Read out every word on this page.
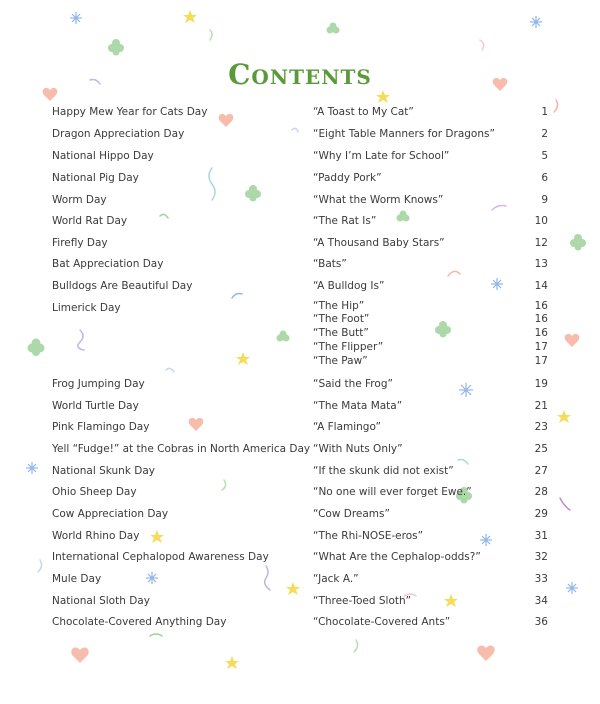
Contents
Happy Mew Year for Cats Day	“A Toast to My Cat”	1
Dragon Appreciation Day	“Eight Table Manners for Dragons”	2
National Hippo Day	“Why I’m Late for School”	5
National Pig Day	“Paddy Pork”	6
Worm Day	“What the Worm Knows”	9
World Rat Day	“The Rat Is”	10
Firefly Day	“A Thousand Baby Stars”	12
Bat Appreciation Day	“Bats”	13
Bulldogs Are Beautiful Day	“A Bulldog Is”	14
Limerick Day	“The Hip”	16
“The Foot”	16
“The Butt”	16
“The Flipper”	17
“The Paw”	17
Frog Jumping Day	“Said the Frog”	19
World Turtle Day	“The Mata Mata”	21
Pink Flamingo Day	“A Flamingo”	23
Yell “Fudge!” at the Cobras in North America Day “With Nuts Only”	25
National Skunk Day	“If the skunk did not exist”	27
Ohio Sheep Day	“No one will ever forget Ewe.”	28
Cow Appreciation Day	“Cow Dreams”	29
World Rhino Day	“The Rhi-NOSE-eros”	31
International Cephalopod Awareness Day	“What Are the Cephalop-odds?”	32
Mule Day	“Jack A.”	33
National Sloth Day	“Three-Toed Sloth”	34
Chocolate-Covered Anything Day	“Chocolate-Covered Ants”	36
